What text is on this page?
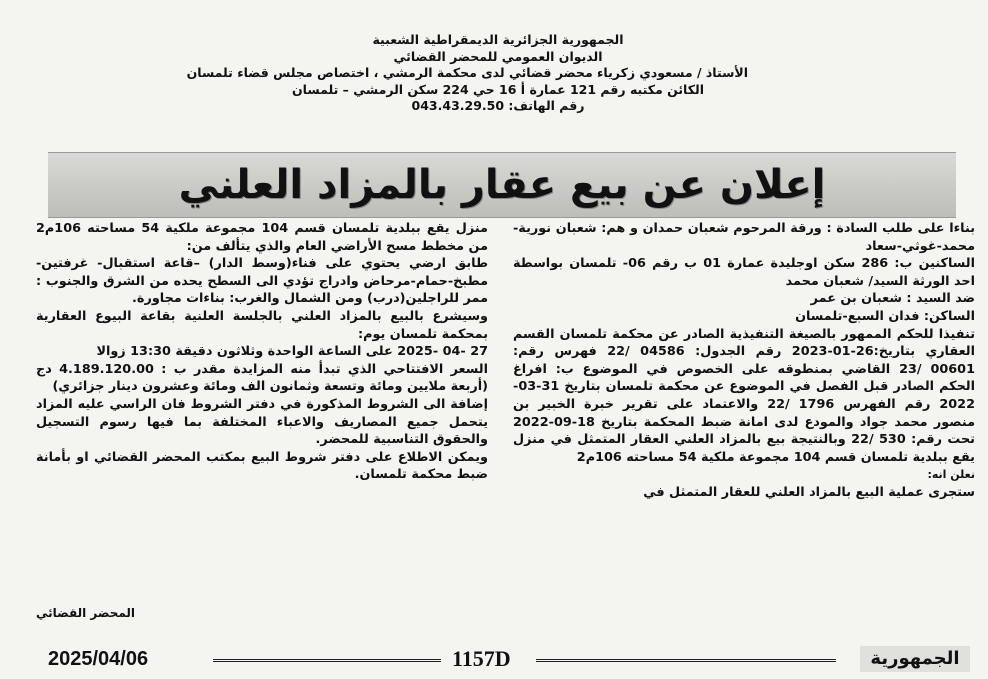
الجمهورية الجزائرية الديمقراطية الشعبية
الديوان العمومي للمحضر القضائي
الأستاذ / مسعودي زكرياء محضر قضائي لدى محكمة الرمشي ، اختصاص مجلس قضاء تلمسان
الكائن مكتبه رقم 121 عمارة أ 16 حي 224 سكن الرمشي – تلمسان
رقم الهاتف: 043.43.29.50
إعلان عن بيع عقار بالمزاد العلني

بناءا على طلب السادة : ورقة المرحوم شعبان حمدان و هم: شعبان نورية-محمد-غوثي-سعاد

الساكنين ب: 286 سكن اوجليدة عمارة 01 ب رقم 06- تلمسان بواسطة احد الورثة السيد/ شعبان محمد

ضد السيد : شعبان بن عمر

الساكن: فدان السبع-تلمسان

تنفيذا للحكم الممهور بالصيغة التنفيذية الصادر عن محكمة تلمسان القسم العقاري بتاريخ:26-01-2023 رقم الجدول: 04586 /22 فهرس رقم: 00601 /23 القاضي بمنطوقه على الخصوص في الموضوع ب: افراغ الحكم الصادر قبل الفصل في الموضوع عن محكمة تلمسان بتاريخ 31-03-2022 رقم الفهرس 1796 /22 والاعتماد على تقرير خبرة الخبير بن منصور محمد جواد والمودع لدى امانة ضبط المحكمة بتاريخ 18-09-2022 تحت رقم: 530 /22 وبالنتيجة بيع بالمزاد العلني العقار المتمثل في منزل يقع ببلدية تلمسان قسم 104 مجموعة ملكية 54 مساحته 106م2

نعلن انه:

ستجرى عملية البيع بالمزاد العلني للعقار المتمثل في

منزل يقع ببلدية تلمسان قسم 104 مجموعة ملكية 54 مساحته 106م2 من مخطط مسح الأراضي العام والذي يتألف من:

طابق ارضي يحتوي على فناء(وسط الدار) –قاعة استقبال- غرفتين-مطبخ-حمام-مرحاض وادراج تؤدي الى السطح يحده من الشرق والجنوب : ممر للراجلين(درب) ومن الشمال والغرب: بناءات مجاورة.

وسيشرع بالبيع بالمزاد العلني بالجلسة العلنية بقاعة البيوع العقارية بمحكمة تلمسان يوم:

27 -04 -2025 على الساعة الواحدة وثلاثون دقيقة 13:30 زوالا

السعر الافتتاحي الذي تبدأ منه المزايدة مقدر ب : 4.189.120.00 دج (أربعة ملايين ومائة وتسعة وثمانون الف ومائة وعشرون دينار جزائري)

إضافة الى الشروط المذكورة في دفتر الشروط فان الراسي عليه المزاد يتحمل جميع المصاريف والاعباء المختلفة بما فيها رسوم التسجيل والحقوق التناسبية للمحضر.

ويمكن الاطلاع على دفتر شروط البيع بمكتب المحضر القضائي او بأمانة ضبط محكمة تلمسان.

المحضر القضائي
2025/04/06	1157D	الجمهورية
